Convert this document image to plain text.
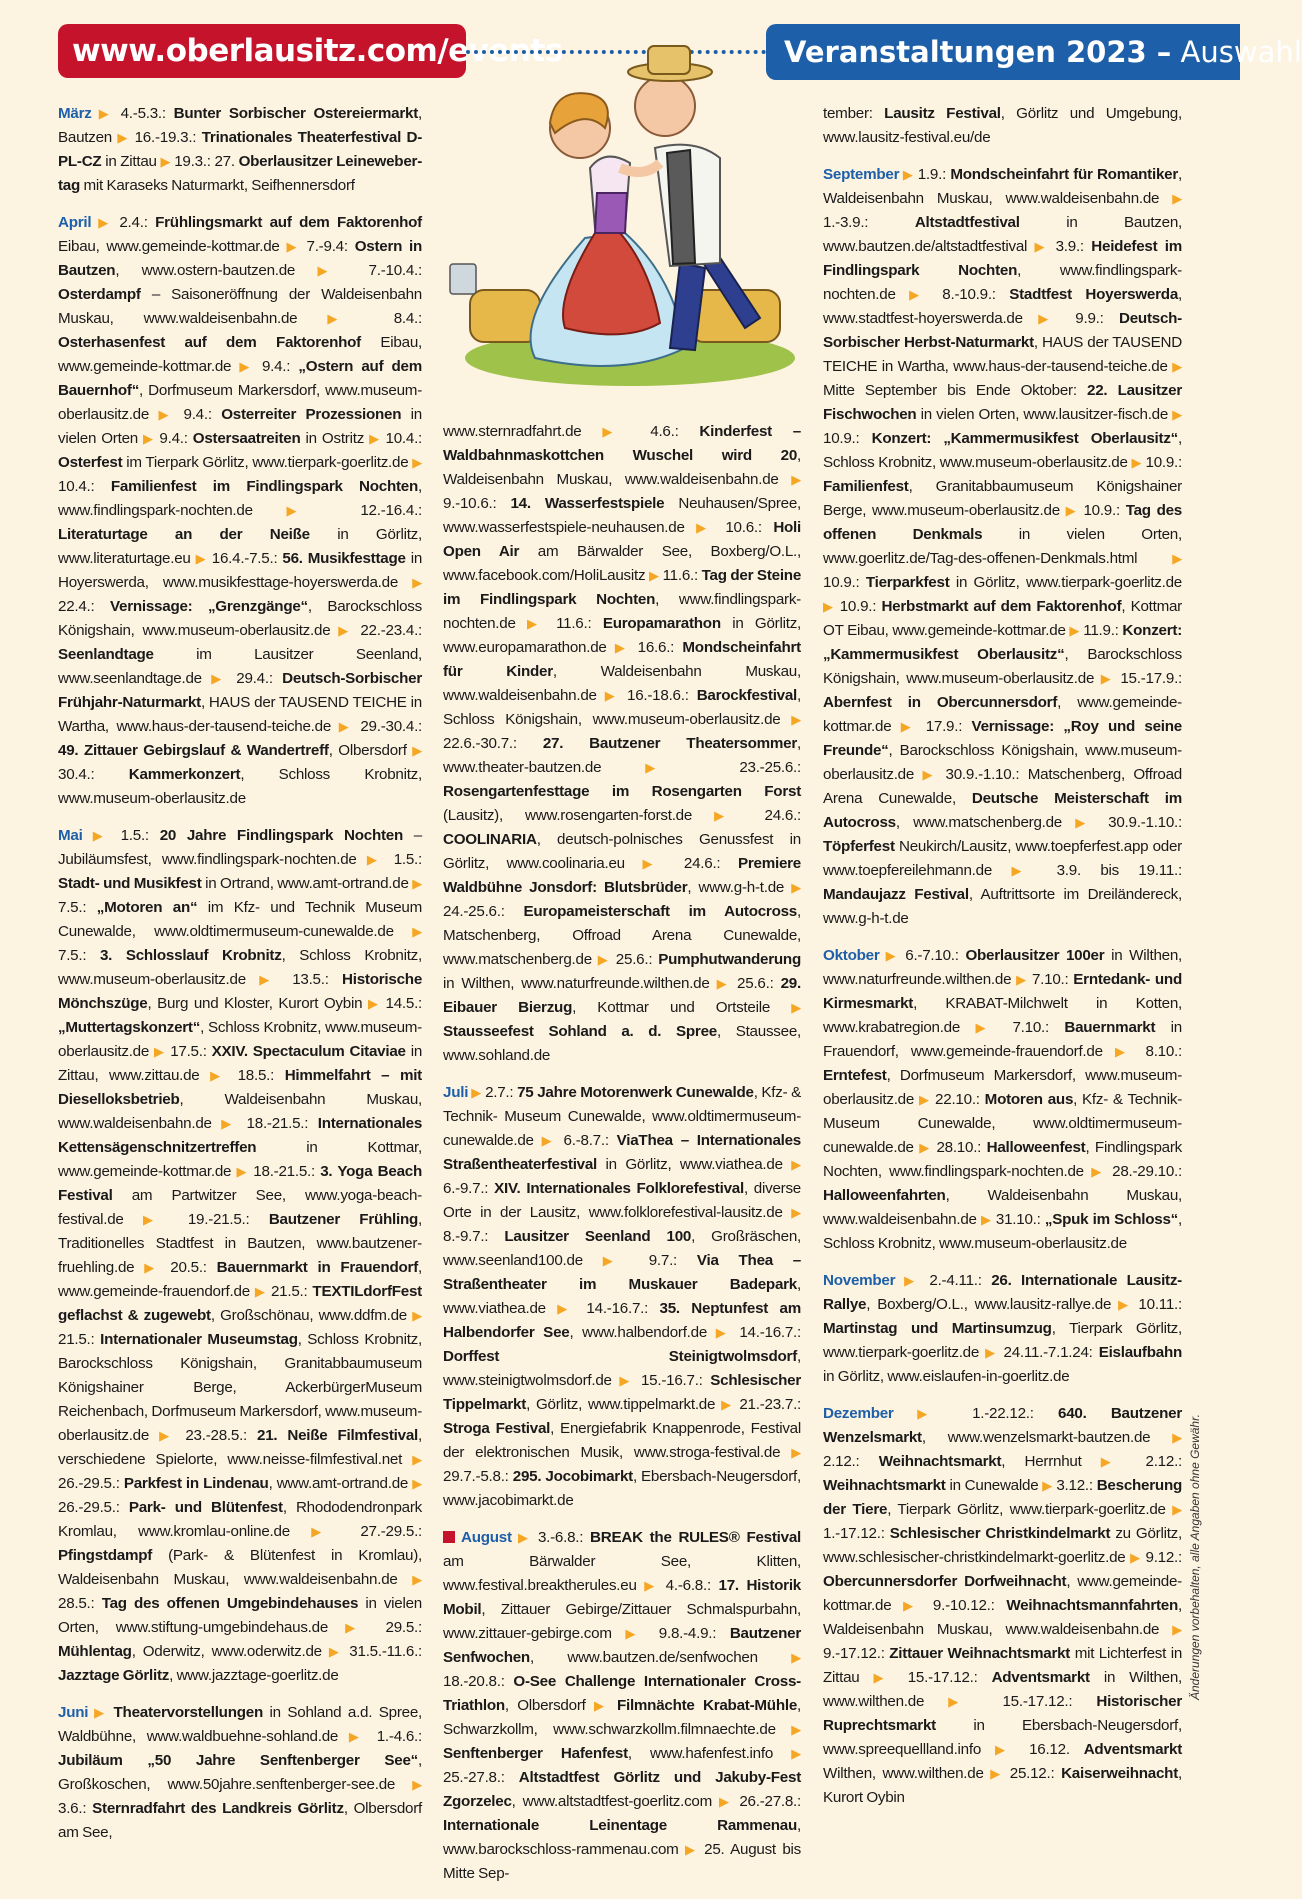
www.oberlausitz.com/events	Veranstaltungen 2023 – Auswahl

März ▶ 4.-5.3.: Bunter Sorbischer Ostereiermarkt, Bautzen ▶ 16.-19.3.: Trinationales Theaterfestival D-PL-CZ in Zittau ▶ 19.3.: 27. Oberlausitzer Leineweber-tag mit Karaseks Naturmarkt, Seifhennersdorf

April ▶ 2.4.: Frühlingsmarkt auf dem Faktorenhof Eibau, www.gemeinde-kottmar.de ▶ 7.-9.4: Ostern in Bautzen, www.ostern-bautzen.de ▶ 7.-10.4.: Osterdampf – Saisoneröffnung der Waldeisenbahn Muskau, www.waldeisenbahn.de ▶ 8.4.: Osterhasenfest auf dem Faktorenhof Eibau, www.gemeinde-kottmar.de ▶ 9.4.: „Ostern auf dem Bauernhof“, Dorfmuseum Markersdorf, www.museum-oberlausitz.de ▶ 9.4.: Osterreiter Prozessionen in vielen Orten ▶ 9.4.: Ostersaatreiten in Ostritz ▶ 10.4.: Osterfest im Tierpark Görlitz, www.tierpark-goerlitz.de ▶ 10.4.: Familienfest im Findlingspark Nochten, www.findlingspark-nochten.de ▶ 12.-16.4.: Literaturtage an der Neiße in Görlitz, www.literaturtage.eu ▶ 16.4.-7.5.: 56. Musikfesttage in Hoyerswerda, www.musikfesttage-hoyerswerda.de ▶ 22.4.: Vernissage: „Grenzgänge“, Barockschloss Königshain, www.museum-oberlausitz.de ▶ 22.-23.4.: Seenlandtage im Lausitzer Seenland, www.seenlandtage.de ▶ 29.4.: Deutsch-Sorbischer Frühjahr-Naturmarkt, HAUS der TAUSEND TEICHE in Wartha, www.haus-der-tausend-teiche.de ▶ 29.-30.4.: 49. Zittauer Gebirgslauf & Wandertreff, Olbersdorf ▶ 30.4.: Kammerkonzert, Schloss Krobnitz, www.museum-oberlausitz.de

Mai ▶ 1.5.: 20 Jahre Findlingspark Nochten – Jubiläumsfest, www.findlingspark-nochten.de ▶ 1.5.: Stadt- und Musikfest in Ortrand, www.amt-ortrand.de ▶ 7.5.: „Motoren an“ im Kfz- und Technik Museum Cunewalde, www.oldtimermuseum-cunewalde.de ▶ 7.5.: 3. Schlosslauf Krobnitz, Schloss Krobnitz, www.museum-oberlausitz.de ▶ 13.5.: Historische Mönchszüge, Burg und Kloster, Kurort Oybin ▶ 14.5.: „Muttertagskonzert“, Schloss Krobnitz, www.museum-oberlausitz.de ▶ 17.5.: XXIV. Spectaculum Citaviae in Zittau, www.zittau.de ▶ 18.5.: Himmelfahrt – mit Dieselloksbetrieb, Waldeisenbahn Muskau, www.waldeisenbahn.de ▶ 18.-21.5.: Internationales Kettensägenschnitzertreffen in Kottmar, www.gemeinde-kottmar.de ▶ 18.-21.5.: 3. Yoga Beach Festival am Partwitzer See, www.yoga-beach-festival.de ▶ 19.-21.5.: Bautzener Frühling, Traditionelles Stadtfest in Bautzen, www.bautzener-fruehling.de ▶ 20.5.: Bauernmarkt in Frauendorf, www.gemeinde-frauendorf.de ▶ 21.5.: TEXTILdorfFest geflachst & zugewebt, Großschönau, www.ddfm.de ▶ 21.5.: Internationaler Museumstag, Schloss Krobnitz, Barockschloss Königshain, Granitabbaumuseum Königshainer Berge, AckerbürgerMuseum Reichenbach, Dorfmuseum Markersdorf, www.museum-oberlausitz.de ▶ 23.-28.5.: 21. Neiße Filmfestival, verschiedene Spielorte, www.neisse-filmfestival.net ▶ 26.-29.5.: Parkfest in Lindenau, www.amt-ortrand.de ▶ 26.-29.5.: Park- und Blütenfest, Rhododendronpark Kromlau, www.kromlau-online.de ▶ 27.-29.5.: Pfingstdampf (Park- & Blütenfest in Kromlau), Waldeisenbahn Muskau, www.waldeisenbahn.de ▶ 28.5.: Tag des offenen Umgebindehauses in vielen Orten, www.stiftung-umgebindehaus.de ▶ 29.5.: Mühlentag, Oderwitz, www.oderwitz.de ▶ 31.5.-11.6.: Jazztage Görlitz, www.jazztage-goerlitz.de

Juni ▶ Theatervorstellungen in Sohland a.d. Spree, Waldbühne, www.waldbuehne-sohland.de ▶ 1.-4.6.: Jubiläum „50 Jahre Senftenberger See“, Großkoschen, www.50jahre.senftenberger-see.de ▶ 3.6.: Sternradfahrt des Landkreis Görlitz, Olbersdorf am See,

www.sternradfahrt.de ▶ 4.6.: Kinderfest – Waldbahnmaskottchen Wuschel wird 20, Waldeisenbahn Muskau, www.waldeisenbahn.de ▶ 9.-10.6.: 14. Wasserfestspiele Neuhausen/Spree, www.wasserfestspiele-neuhausen.de ▶ 10.6.: Holi Open Air am Bärwalder See, Boxberg/O.L., www.facebook.com/HoliLausitz ▶ 11.6.: Tag der Steine im Findlingspark Nochten, www.findlingspark-nochten.de ▶ 11.6.: Europamarathon in Görlitz, www.europamarathon.de ▶ 16.6.: Mondscheinfahrt für Kinder, Waldeisenbahn Muskau, www.waldeisenbahn.de ▶ 16.-18.6.: Barockfestival, Schloss Königshain, www.museum-oberlausitz.de ▶ 22.6.-30.7.: 27. Bautzener Theatersommer, www.theater-bautzen.de ▶ 23.-25.6.: Rosengartenfesttage im Rosengarten Forst (Lausitz), www.rosengarten-forst.de ▶ 24.6.: COOLINARIA, deutsch-polnisches Genussfest in Görlitz, www.coolinaria.eu ▶ 24.6.: Premiere Waldbühne Jonsdorf: Blutsbrüder, www.g-h-t.de ▶ 24.-25.6.: Europameisterschaft im Autocross, Matschenberg, Offroad Arena Cunewalde, www.matschenberg.de ▶ 25.6.: Pumphutwanderung in Wilthen, www.naturfreunde.wilthen.de ▶ 25.6.: 29. Eibauer Bierzug, Kottmar und Ortsteile ▶ Stausseefest Sohland a. d. Spree, Staussee, www.sohland.de

Juli ▶ 2.7.: 75 Jahre Motorenwerk Cunewalde, Kfz- & Technik- Museum Cunewalde, www.oldtimermuseum-cunewalde.de ▶ 6.-8.7.: ViaThea – Internationales Straßentheaterfestival in Görlitz, www.viathea.de ▶ 6.-9.7.: XIV. Internationales Folklorefestival, diverse Orte in der Lausitz, www.folklorefestival-lausitz.de ▶ 8.-9.7.: Lausitzer Seenland 100, Großräschen, www.seenland100.de ▶ 9.7.: Via Thea – Straßentheater im Muskauer Badepark, www.viathea.de ▶ 14.-16.7.: 35. Neptunfest am Halbendorfer See, www.halbendorf.de ▶ 14.-16.7.: Dorffest Steinigtwolmsdorf, www.steinigtwolmsdorf.de ▶ 15.-16.7.: Schlesischer Tippelmarkt, Görlitz, www.tippelmarkt.de ▶ 21.-23.7.: Stroga Festival, Energiefabrik Knappenrode, Festival der elektronischen Musik, www.stroga-festival.de ▶ 29.7.-5.8.: 295. Jocobimarkt, Ebersbach-Neugersdorf, www.jacobimarkt.de

August ▶ 3.-6.8.: BREAK the RULES® Festival am Bärwalder See, Klitten, www.festival.breaktherules.eu ▶ 4.-6.8.: 17. Historik Mobil, Zittauer Gebirge/Zittauer Schmalspurbahn, www.zittauer-gebirge.com ▶ 9.8.-4.9.: Bautzener Senfwochen, www.bautzen.de/senfwochen ▶ 18.-20.8.: O-See Challenge Internationaler Cross-Triathlon, Olbersdorf ▶ Filmnächte Krabat-Mühle, Schwarzkollm, www.schwarzkollm.filmnaechte.de ▶ Senftenberger Hafenfest, www.hafenfest.info ▶ 25.-27.8.: Altstadtfest Görlitz und Jakuby-Fest Zgorzelec, www.altstadtfest-goerlitz.com ▶ 26.-27.8.: Internationale Leinentage Rammenau, www.barockschloss-rammenau.com ▶ 25. August bis Mitte Sep-

tember: Lausitz Festival, Görlitz und Umgebung, www.lausitz-festival.eu/de

September ▶ 1.9.: Mondscheinfahrt für Romantiker, Waldeisenbahn Muskau, www.waldeisenbahn.de ▶ 1.-3.9.: Altstadtfestival in Bautzen, www.bautzen.de/altstadtfestival ▶ 3.9.: Heidefest im Findlingspark Nochten, www.findlingspark-nochten.de ▶ 8.-10.9.: Stadtfest Hoyerswerda, www.stadtfest-hoyerswerda.de ▶ 9.9.: Deutsch-Sorbischer Herbst-Naturmarkt, HAUS der TAUSEND TEICHE in Wartha, www.haus-der-tausend-teiche.de ▶ Mitte September bis Ende Oktober: 22. Lausitzer Fischwochen in vielen Orten, www.lausitzer-fisch.de ▶ 10.9.: Konzert: „Kammermusikfest Oberlausitz“, Schloss Krobnitz, www.museum-oberlausitz.de ▶ 10.9.: Familienfest, Granitabbaumuseum Königshainer Berge, www.museum-oberlausitz.de ▶ 10.9.: Tag des offenen Denkmals in vielen Orten, www.goerlitz.de/Tag-des-offenen-Denkmals.html ▶ 10.9.: Tierparkfest in Görlitz, www.tierpark-goerlitz.de ▶ 10.9.: Herbstmarkt auf dem Faktorenhof, Kottmar OT Eibau, www.gemeinde-kottmar.de ▶ 11.9.: Konzert: „Kammermusikfest Oberlausitz“, Barockschloss Königshain, www.museum-oberlausitz.de ▶ 15.-17.9.: Abernfest in Obercunnersdorf, www.gemeinde-kottmar.de ▶ 17.9.: Vernissage: „Roy und seine Freunde“, Barockschloss Königshain, www.museum-oberlausitz.de ▶ 30.9.-1.10.: Matschenberg, Offroad Arena Cunewalde, Deutsche Meisterschaft im Autocross, www.matschenberg.de ▶ 30.9.-1.10.: Töpferfest Neukirch/Lausitz, www.toepferfest.app oder www.toepfereilehmann.de ▶ 3.9. bis 19.11.: Mandaujazz Festival, Auftrittsorte im Dreiländereck, www.g-h-t.de

Oktober ▶ 6.-7.10.: Oberlausitzer 100er in Wilthen, www.naturfreunde.wilthen.de ▶ 7.10.: Erntedank- und Kirmesmarkt, KRABAT-Milchwelt in Kotten, www.krabatregion.de ▶ 7.10.: Bauernmarkt in Frauendorf, www.gemeinde-frauendorf.de ▶ 8.10.: Erntefest, Dorfmuseum Markersdorf, www.museum-oberlausitz.de ▶ 22.10.: Motoren aus, Kfz- & Technik-Museum Cunewalde, www.oldtimermuseum-cunewalde.de ▶ 28.10.: Halloweenfest, Findlingspark Nochten, www.findlingspark-nochten.de ▶ 28.-29.10.: Halloweenfahrten, Waldeisenbahn Muskau, www.waldeisenbahn.de ▶ 31.10.: „Spuk im Schloss“, Schloss Krobnitz, www.museum-oberlausitz.de

November ▶ 2.-4.11.: 26. Internationale Lausitz-Rallye, Boxberg/O.L., www.lausitz-rallye.de ▶ 10.11.: Martinstag und Martinsumzug, Tierpark Görlitz, www.tierpark-goerlitz.de ▶ 24.11.-7.1.24: Eislaufbahn in Görlitz, www.eislaufen-in-goerlitz.de

Dezember ▶ 1.-22.12.: 640. Bautzener Wenzelsmarkt, www.wenzelsmarkt-bautzen.de ▶ 2.12.: Weihnachtsmarkt, Herrnhut ▶ 2.12.: Weihnachtsmarkt in Cunewalde ▶ 3.12.: Bescherung der Tiere, Tierpark Görlitz, www.tierpark-goerlitz.de ▶ 1.-17.12.: Schlesischer Christkindelmarkt zu Görlitz, www.schlesischer-christkindelmarkt-goerlitz.de ▶ 9.12.: Obercunnersdorfer Dorfweihnacht, www.gemeinde-kottmar.de ▶ 9.-10.12.: Weihnachtsmannfahrten, Waldeisenbahn Muskau, www.waldeisenbahn.de ▶ 9.-17.12.: Zittauer Weihnachtsmarkt mit Lichterfest in Zittau ▶ 15.-17.12.: Adventsmarkt in Wilthen, www.wilthen.de ▶ 15.-17.12.: Historischer Ruprechtsmarkt in Ebersbach-Neugersdorf, www.spreequellland.info ▶ 16.12. Adventsmarkt Wilthen, www.wilthen.de ▶ 25.12.: Kaiserweihnacht, Kurort Oybin

Änderungen vorbehalten, alle Angaben ohne Gewähr.
